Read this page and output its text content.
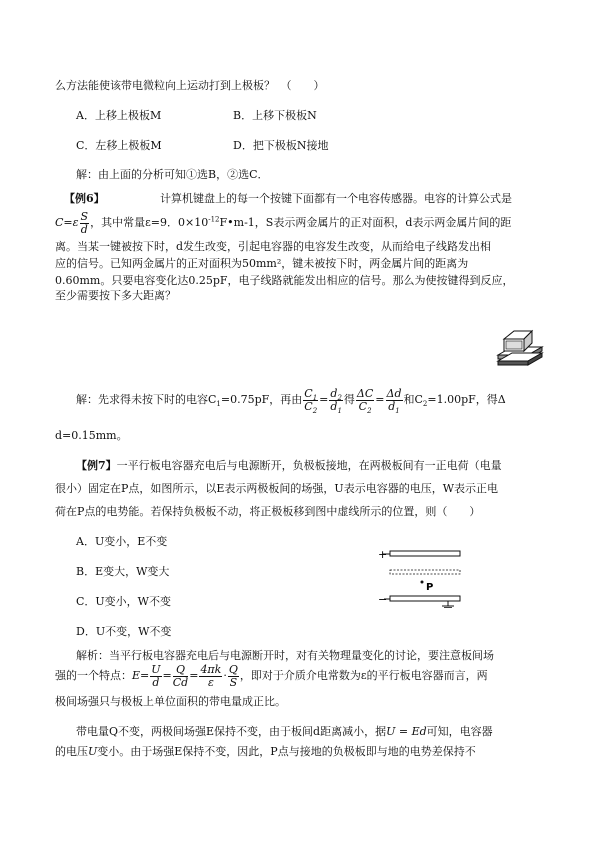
么方法能使该带电微粒向上运动打到上极板？　（　　）
A．上移上极板M	B．上移下极板N
C．左移上极板M	D．把下极板N接地
解：由上面的分析可知①选B，②选C．
【例6】	计算机键盘上的每一个按键下面都有一个电容传感器。电容的计算公式是
$C=\varepsilon \frac{S}{d}$ ，其中常量ε=9．$0\times 10^{-12}F•m-1$，S表示两金属片的正对面积，d表示两金属片间的距
离。当某一键被按下时，d发生改变，引起电容器的电容发生改变，从而给电子线路发出相
应的信号。已知两金属片的正对面积为50mm²，键未被按下时，两金属片间的距离为
0.60mm。只要电容变化达0.25pF，电子线路就能发出相应的信号。那么为使按键得到反应，
至少需要按下多大距离？
解：先求得未按下时的电容$C_1=0.75pF$，再由 $\frac{C_1}{C_2} = \frac{d_2}{d_1}$ 得 $\frac{\Delta C}{C_2} = \frac{\Delta d}{d_1}$ 和$C_2=1.00pF$，得Δ
d=0.15mm。
【例7】一平行板电容器充电后与电源断开，负极板接地，在两极板间有一正电荷（电量
很小）固定在P点，如图所示，以E表示两极板间的场强，U表示电容器的电压，W表示正电
荷在P点的电势能。若保持负极板不动，将正极板移到图中虚线所示的位置，则（　　）
A．U变小，E不变
B．E变大，W变大
C．U变小，W不变
D．U不变，W不变
+
P
−
解析：当平行板电容器充电后与电源断开时，对有关物理量变化的讨论，要注意板间场
强的一个特点：$E= \frac{U}{d} = \frac{Q}{Cd} = \frac{4\pi k}{\varepsilon} \cdot \frac{Q}{S}$ ，即对于介质介电常数为ε的平行板电容器而言，两
极间场强只与极板上单位面积的带电量成正比。
带电量Q不变，两极间场强E保持不变，由于板间d距离减小，据U = Ed可知，电容器
的电压U变小。由于场强E保持不变，因此，P点与接地的负极板即与地的电势差保持不
